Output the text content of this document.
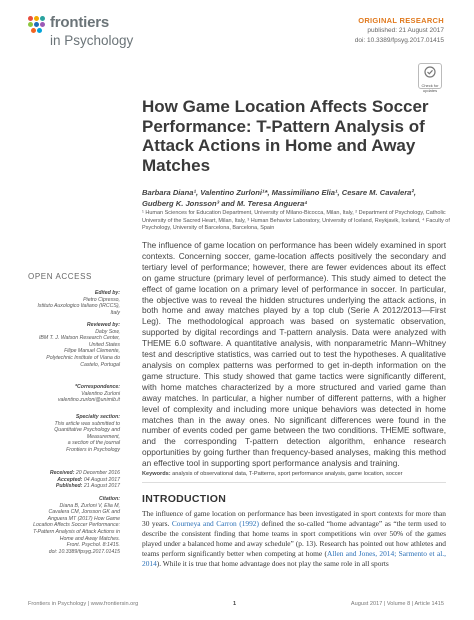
frontiers
in Psychology
ORIGINAL RESEARCH
published: 21 August 2017
doi: 10.3389/fpsyg.2017.01415
Check for updates
How Game Location Affects Soccer Performance: T-Pattern Analysis of Attack Actions in Home and Away Matches
Barbara Diana¹, Valentino Zurloni¹*, Massimiliano Elia¹, Cesare M. Cavalera²,
Gudberg K. Jonsson³ and M. Teresa Anguera⁴
¹ Human Sciences for Education Department, University of Milano-Bicocca, Milan, Italy, ² Department of Psychology, Catholic University of the Sacred Heart, Milan, Italy, ³ Human Behavior Laboratory, University of Iceland, Reykjavik, Iceland, ⁴ Faculty of Psychology, University of Barcelona, Barcelona, Spain
The influence of game location on performance has been widely examined in sport contexts. Concerning soccer, game-location affects positively the secondary and tertiary level of performance; however, there are fewer evidences about its effect on game structure (primary level of performance). This study aimed to detect the effect of game location on a primary level of performance in soccer. In particular, the objective was to reveal the hidden structures underlying the attack actions, in both home and away matches played by a top club (Serie A 2012/2013—First Leg). The methodological approach was based on systematic observation, supported by digital recordings and T-pattern analysis. Data were analyzed with THEME 6.0 software. A quantitative analysis, with nonparametric Mann–Whitney test and descriptive statistics, was carried out to test the hypotheses. A qualitative analysis on complex patterns was performed to get in-depth information on the game structure. This study showed that game tactics were significantly different, with home matches characterized by a more structured and varied game than away matches. In particular, a higher number of different patterns, with a higher level of complexity and including more unique behaviors was detected in home matches than in the away ones. No significant differences were found in the number of events coded per game between the two conditions. THEME software, and the corresponding T-pattern detection algorithm, enhance research opportunities by going further than frequency-based analyses, making this method an effective tool in supporting sport performance analysis and training.
Keywords: analysis of observational data, T-Patterns, sport performance analysis, game location, soccer
INTRODUCTION
The influence of game location on performance has been investigated in sport contexts for more than 30 years. Courneya and Carron (1992) defined the so-called “home advantage” as “the term used to describe the consistent finding that home teams in sport competitions win over 50% of the games played under a balanced home and away schedule” (p. 13). Research has pointed out how athletes and teams perform significantly better when competing at home (Allen and Jones, 2014; Sarmento et al., 2014). While it is true that home advantage does not play the same role in all sports
OPEN ACCESS
Edited by:
Pietro Cipresso,
Istituto Auxologico Italiano (IRCCS),
Italy
Reviewed by:
Daby Sow,
IBM T. J. Watson Research Center,
United States
Filipe Manuel Clemente,
Polytechnic Institute of Viana do
Castelo, Portugal
*Correspondence:
Valentino Zurloni
valentino.zurloni@unimib.it
Specialty section:
This article was submitted to
Quantitative Psychology and
Measurement,
a section of the journal
Frontiers in Psychology
Received: 20 December 2016
Accepted: 04 August 2017
Published: 21 August 2017
Citation:
Diana B, Zurloni V, Elia M,
Cavalera CM, Jonsson GK and
Anguera MT (2017) How Game
Location Affects Soccer Performance:
T-Pattern Analysis of Attack Actions in
Home and Away Matches.
Front. Psychol. 8:1415.
doi: 10.3389/fpsyg.2017.01415
Frontiers in Psychology | www.frontiersin.org	1	August 2017 | Volume 8 | Article 1415
